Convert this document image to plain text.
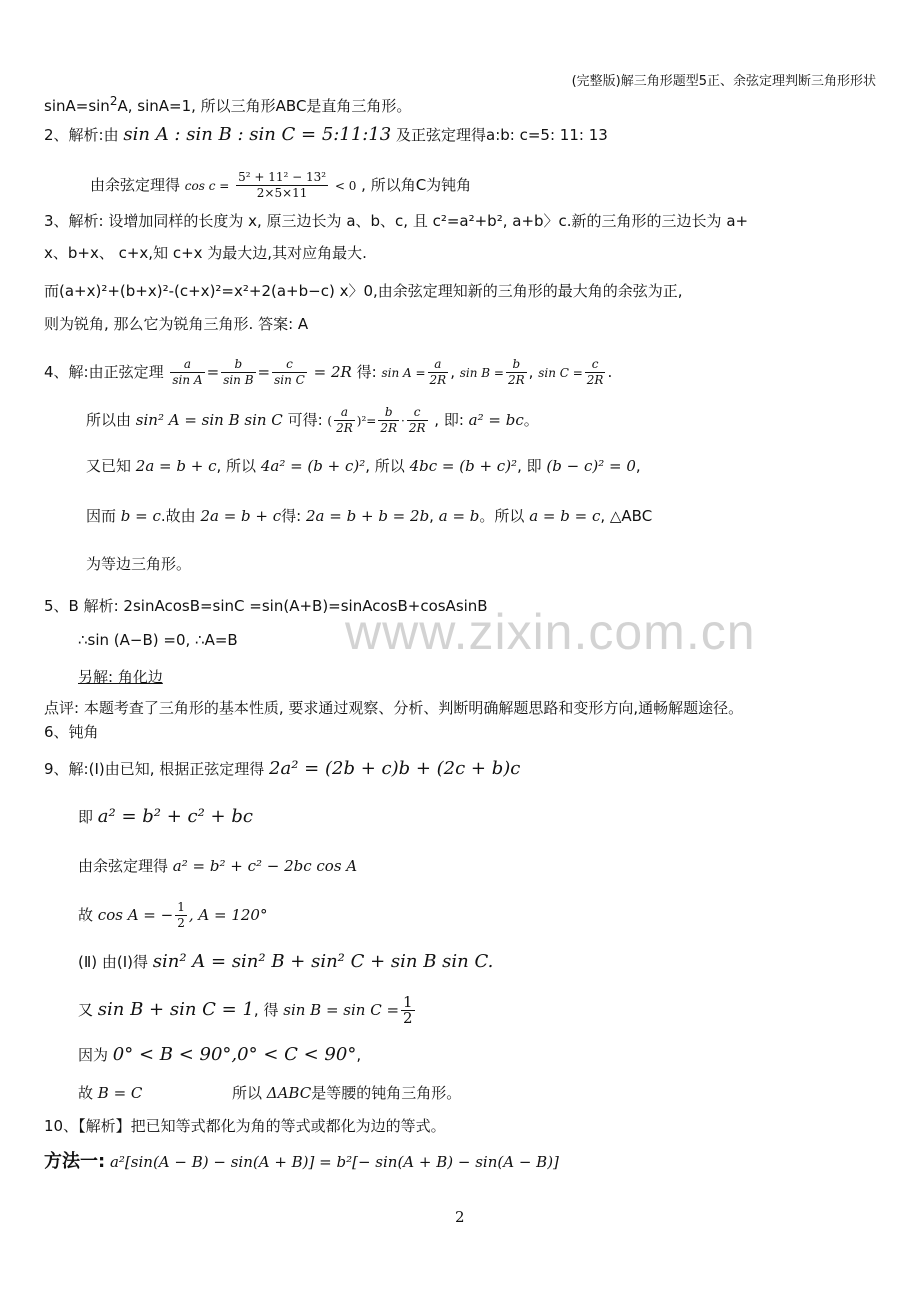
(完整版)解三角形题型5正、余弦定理判断三角形形状
www.zixin.com.cn
$\sin A=\sin^2A$, sinA=1, 所以三角形ABC是直角三角形。
2、解析:由 sin A : sin B : sin C = 5:11:13 及正弦定理得a:b: c=5: 11: 13
由余弦定理得 $\cos c = \frac{\text{5² + 11² − 13²}}{2\times 5\times 11} < 0$ , 所以角C为钝角
3、解析: 设增加同样的长度为 x, 原三边长为 a、b、c, 且 c²=a²+b², a+b〉c.新的三角形的三边长为 a+
x、b+x、 c+x,知 c+x 为最大边,其对应角最大.
而(a+x)²+(b+x)²-(c+x)²=x²+2(a+b−c) x〉0,由余弦定理知新的三角形的最大角的余弦为正,
则为锐角, 那么它为锐角三角形. 答案: A
4、解:由正弦定理 $\frac{a}{\text{sin A}} = \frac{b}{\text{sin B}} = \frac{c}{\text{sin C}} = 2R$ 得: $\sin A = \frac{a}{2R}$ , $\sin B = \frac{b}{2R}$ , $\sin C = \frac{c}{2R}$ .
所以由 sin² A = sin B sin C 可得: ( $\frac{a}{2R} )^2= \frac{b}{2R} \cdot \frac{c}{2R}$ , 即: a² = bc。
又已知 2a = b + c, 所以 4a² = (b + c)², 所以 4bc = (b + c)², 即 (b − c)² = 0,
因而 b = c.故由 2a = b + c得: 2a = b + b = 2b, a = b。所以 a = b = c, △ABC
为等边三角形。
5、B 解析: 2sinAcosB=sinC =sin(A+B)=sinAcosB+cosAsinB
∴sin (A−B) =0, ∴A=B
另解: 角化边
点评: 本题考查了三角形的基本性质, 要求通过观察、分析、判断明确解题思路和变形方向,通畅解题途径。
6、钝角
9、解:(Ⅰ)由已知, 根据正弦定理得 2a² = (2b + c)b + (2c + b)c
即 a² = b² + c² + bc
由余弦定理得 a² = b² + c² − 2bc cos A
故 cos A = − $\frac{1}{2}$ , A = 120°
(Ⅱ) 由(Ⅰ)得 sin² A = sin² B + sin² C + sin B sin C.
又 sin B + sin C = 1, 得 $\sin B = \sin C = \frac{1}{2}$
因为 0° < B < 90°,0° < C < 90°,
故 B = C	所以 ΔABC是等腰的钝角三角形。
10、【解析】把已知等式都化为角的等式或都化为边的等式。
方法一: a²[sin(A − B) − sin(A + B)] = b²[− sin(A + B) − sin(A − B)]
2
